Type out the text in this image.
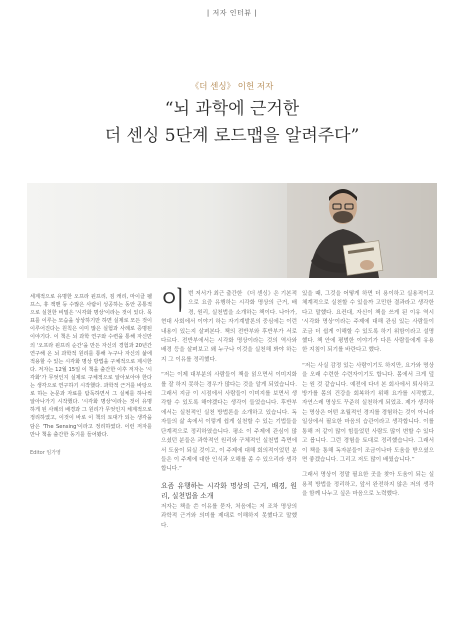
| 저자 인터뷰 |
《더 센싱》 이헌 저자
“뇌 과학에 근거한
더 센싱 5단계 로드맵을 알려주다”
세계적으로 유명한 오프라 윈프리, 짐 캐리, 마이클 펠프스, 휴 잭맨 등 수많은 사람이 성공하는 동안 공통적으로 실천한 비밀은 '시각화 명상'이라는 것이 있다. 목표를 이루는 모습을 상상하기만 하면 실제로 모든 것이 이루어진다는 원칙은 이미 많은 실험과 사례로 증명된 이야기다. 이 책은 뇌 과학 연구와 수련을 통해 자신만의 '오프라 윈프리 순간'을 만든 자신의 경험과 20년간 연구해 온 뇌 과학적 원리를 통해 누구나 자신의 삶에 적용할 수 있는 시각화 명상 방법을 구체적으로 제시한다. 저자는 12월 15일 이 책을 출간한 이후 저자는 '시각화'가 무엇인지 실제로 구체적으로 알아보아야 한다는 생각으로 연구하기 시작했다. 과학적 근거를 바탕으로 하는 논문과 자료를 탐독하면서 그 실체를 하나씩 알아나가기 시작했다. '시각화 명상'이라는 것이 유명하게 된 사례의 배경과 그 원리가 무엇인지 체계적으로 정리하였고, 이것이 바로 이 책의 토대가 되는 생각을 담은 'The Sensing'이라고 정리하였다. 이런 저자를 만나 책을 출간한 동기를 들어봤다.
Editor 임가영
이 번 저서가 최근 출간한 《더 센싱》은 기본적으로 요즘 유행하는 시각화 명상의 근거, 배경, 원리, 실천법을 소개하는 책이다. 나아가, 현대 사회에서 이야기 하는 자기계발론의 중심에는 이런 내용이 있는지 살펴본다. 책의 전반부와 후반부가 서로 다르다. 전반부에서는 시각화 명상이라는 것의 역사와 배경 등을 살펴보고 왜 누구나 이것을 실천해 봐야 하는지 그 이유를 정리했다.

“저는 이제 대부분의 사람들이 책을 읽으면서 이미지화를 잘 하지 못하는 경우가 많다는 것을 알게 되었습니다. 그래서 지금 이 시점에서 사람들이 이미지를 보면서 생각할 수 있도록 해야겠다는 생각이 들었습니다. 후반부에서는 실천적인 실천 방법론을 소개하고 있습니다. 독자들의 삶 속에서 이렇게 쉽게 실천할 수 있는 기법들을 단계적으로 정리하였습니다. 평소 이 주제에 관심이 많으셨던 분들은 과학적인 원리와 구체적인 실천법 측면에서 도움이 되실 것이고, 이 주제에 대해 회의적이었던 분들은 이 주제에 대한 인식과 오해를 좀 수 있으리라 생각합니다.”

요즘 유행하는 시각화 명상의 근거, 배경, 원리, 실천법을 소개

저자는 책을 쓴 이유를 묻자, 처음에는 저 조차 명상의 과학적 근거와 의미를 제대로 이해하지 못했다고 말했다.

있을 때, 그것을 어떻게 하면 더 용이하고 실용적이고 체계적으로 실천할 수 있을까 고민한 결과라고 생각한다고 말했다. 요컨대, 자신이 책을 쓰게 된 이유 역시 '시각화 명상'이라는 주제에 대해 관심 있는 사람들이 조금 더 쉽게 이해할 수 있도록 하기 위함이라고 설명했다. 책 안에 평범한 이야기가 다른 사람들에게 유용한 지침이 되기를 바란다고 했다.

“저는 사실 감정 있는 사람이기도 하지만, 요가와 명상을 오래 수련한 수련자이기도 합니다. 몸에서 크게 덮는 원 것 같습니다. 예전에 다녀 본 회사에서 퇴사하고 방가를 몸의 건강을 회복하기 위해 요가를 시작했고, 자연스레 명상도 꾸준히 실천하게 되었죠. 제가 생각하는 명상은 어떤 초월적인 경지를 경험하는 것이 아니라 일상에서 필요한 마음의 습관이라고 생각합니다. 이를 통해 저 같이 많이 힘들었던 사람도 많이 변할 수 있다고 봅니다. 그런 경험을 토대로 정리했습니다. 그래서 이 책을 통해 독자분들이 조금이나마 도움을 받으셨으면 좋겠습니다. 그리고 저도 많이 배웠습니다.”

그래서 명상이 정말 필요한 곳을 찾아 도움이 되는 실용적 방법을 정리하고, 앞서 완전하지 않은 저의 생각을 함께 나누고 싶은 마음으로 노력했다.
